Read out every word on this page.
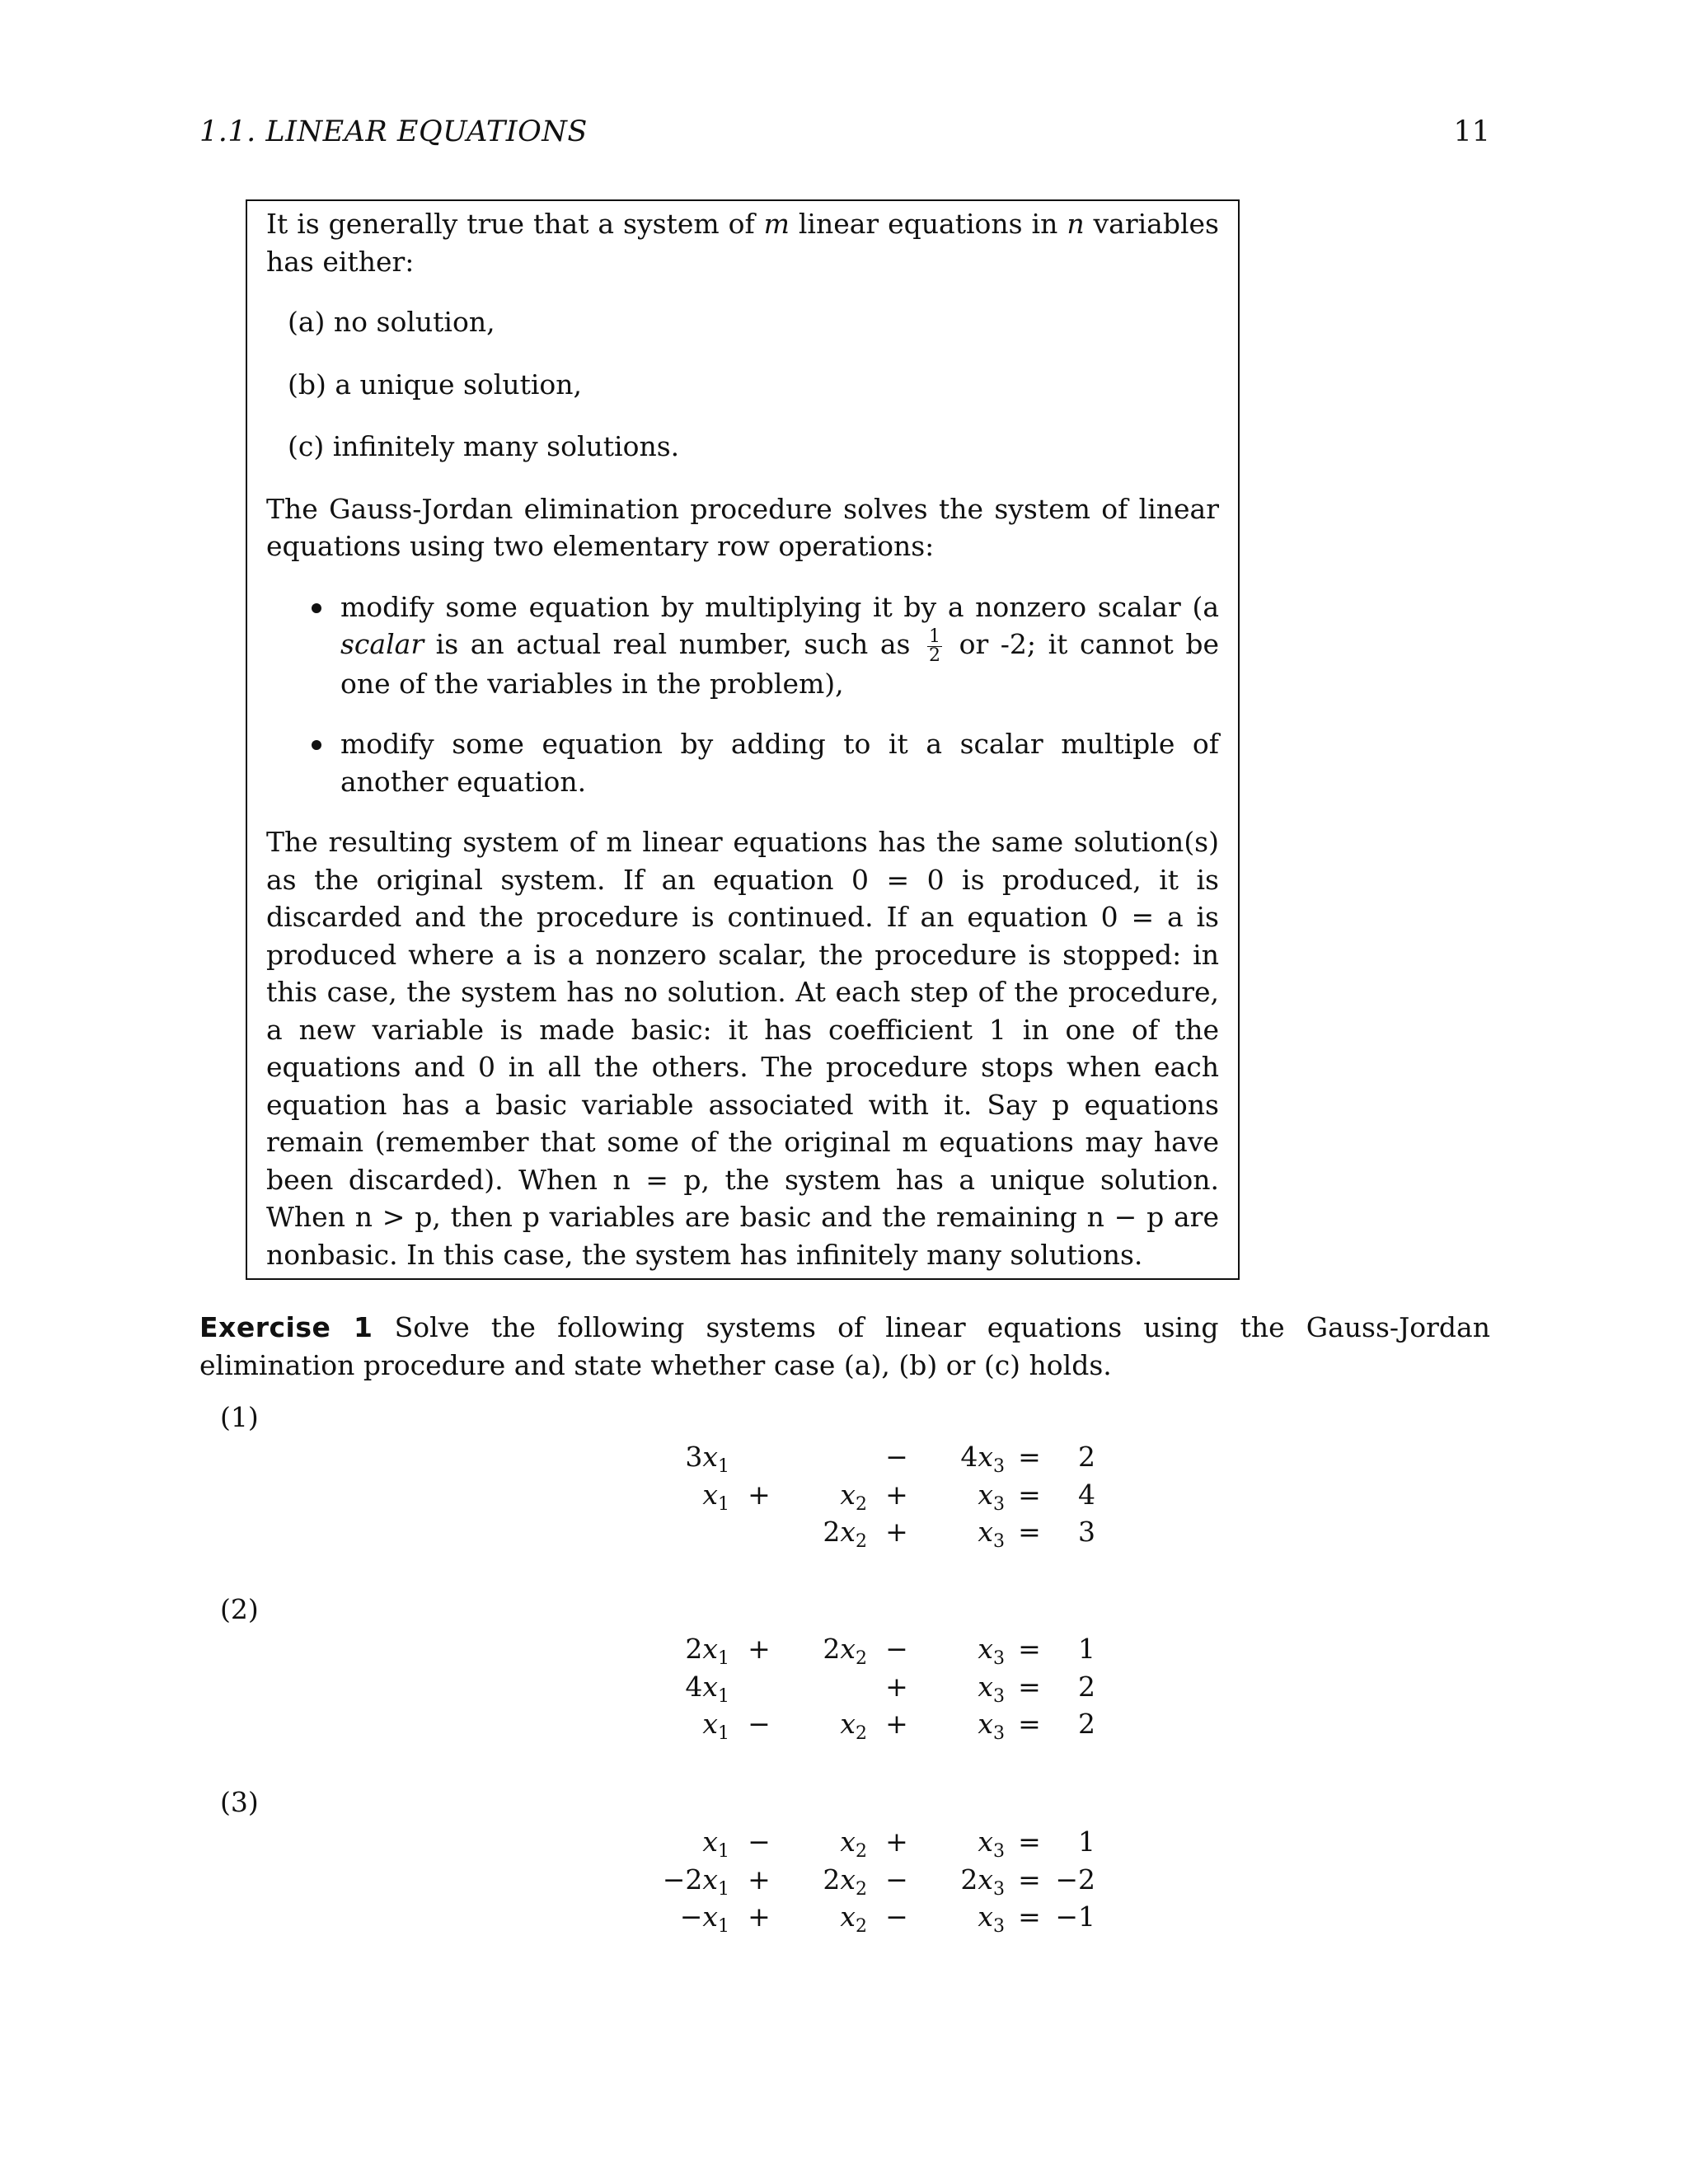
1.1. LINEAR EQUATIONS	11

It is generally true that a system of m linear equations in n variables has either:

(a) no solution,
(b) a unique solution,
(c) infinitely many solutions.

The Gauss-Jordan elimination procedure solves the system of linear equations using two elementary row operations:

modify some equation by multiplying it by a nonzero scalar (a scalar is an actual real number, such as $\frac{1}{2}$ or -2; it cannot be one of the variables in the problem),
modify some equation by adding to it a scalar multiple of another equation.

The resulting system of m linear equations has the same solution(s) as the original system. If an equation 0 = 0 is produced, it is discarded and the procedure is continued. If an equation 0 = a is produced where a is a nonzero scalar, the procedure is stopped: in this case, the system has no solution. At each step of the procedure, a new variable is made basic: it has coefficient 1 in one of the equations and 0 in all the others. The procedure stops when each equation has a basic variable associated with it. Say p equations remain (remember that some of the original m equations may have been discarded). When n = p, the system has a unique solution. When n > p, then p variables are basic and the remaining n − p are nonbasic. In this case, the system has infinitely many solutions.

Exercise 1 Solve the following systems of linear equations using the Gauss-Jordan elimination procedure and state whether case (a), (b) or (c) holds.

(1)
$3x_1$			−	$4x_3$	=	2
$x_1$	+	$x_2$	+	$x_3$	=	4
		$2x_2$	+	$x_3$	=	3
(2)
$2x_1$	+	$2x_2$	−	$x_3$	=	1
$4x_1$			+	$x_3$	=	2
$x_1$	−	$x_2$	+	$x_3$	=	2
(3)
$x_1$	−	$x_2$	+	$x_3$	=	1
$-2x_1$	+	$2x_2$	−	$2x_3$	=	−2
$-x_1$	+	$x_2$	−	$x_3$	=	−1
